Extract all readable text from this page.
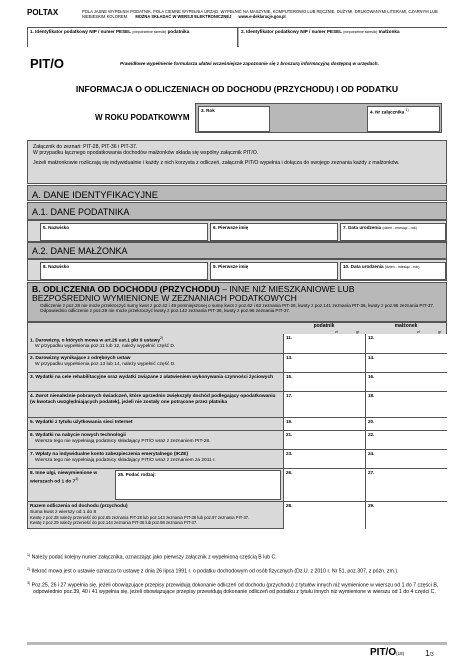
POLTAX	POLA JASNE WYPEŁNIA PODATNIK, POLA CIEMNE WYPEŁNIA URZĄD. WYPEŁNIĆ NA MASZYNIE, KOMPUTEROWO LUB RĘCZNIE, DUŻYMI, DRUKOWANYMI LITERAMI, CZARNYM LUB NIEBIESKIM KOLOREM. MOŻNA SKŁADAĆ W WERSJI ELEKTRONICZNEJ www.e-deklaracje.gov.pl
1. Identyfikator podatkowy NIP / numer PESEL (niepotrzebne skreślić) podatnika	2. Identyfikator podatkowy NIP / numer PESEL (niepotrzebne skreślić) małżonka
PIT/O	Prawidłowe wypełnienie formularza ułatwi wcześniejsze zapoznanie się z broszurą informacyjną dostępną w urzędach.
INFORMACJA O ODLICZENIACH OD DOCHODU (PRZYCHODU) I OD PODATKU
W ROKU PODATKOWYM
3. Rok	4. Nr załącznika $^{1)}$
Załącznik do zeznań: PIT-28, PIT-36 i PIT-37.
W przypadku łącznego opodatkowania dochodów małżonków składa się wspólny załącznik PIT/O.
Jeżeli małżonkowie rozliczają się indywidualnie i każdy z nich korzysta z odliczeń, załącznik PIT/O wypełnia i dołącza do swojego zeznania każdy z małżonków.
A. DANE IDENTYFIKACYJNE
A.1. DANE PODATNIKA
5. Nazwisko	6. Pierwsze imię	7. Data urodzenia (dzień - miesiąc - rok)
A.2. DANE MAŁŻONKA
8. Nazwisko	9. Pierwsze imię	10. Data urodzenia (dzień - miesiąc - rok)
B. ODLICZENIA OD DOCHODU (PRZYCHODU) – INNE NIŻ MIESZKANIOWE LUB BEZPOŚREDNIO WYMIENIONE W ZEZNANIACH PODATKOWYCH
Odliczenie z poz.28 nie może przekroczyć sumy kwot z poz.42 i 49 pomniejszonej o sumę kwot z poz.62 i 63 zeznania PIT-28, kwoty z poz.141 zeznania PIT-36, kwoty z poz.95 zeznania PIT-37. Odpowiednio odliczenie z poz.29 nie może przekroczyć kwoty z poz.142 zeznania PIT-36, kwoty z poz.96 zeznania PIT-37.
podatnik	małżonek
zł	gr	zł	gr
1. Darowizny, o których mowa w art.26 ust.1 pkt 9 ustawy$^{2)}$
W przypadku wypełnienia poz.11 lub 12, należy wypełnić część D.
11.	12.
2. Darowizny wynikające z odrębnych ustaw
W przypadku wypełnienia poz.13 lub 14, należy wypełnić część D.
13.	14.
3. Wydatki na cele rehabilitacyjne oraz wydatki związane z ułatwieniem wykonywania czynności życiowych	15.	16.
4. Zwrot nienależnie pobranych świadczeń, które uprzednio zwiększyły dochód podlegający opodatkowaniu (w kwotach uwzględniających podatek), jeżeli nie zostały one potrącone przez płatnika
17.	18.
5. Wydatki z tytułu użytkowania sieci Internet	19.	20.
6. Wydatki na nabycie nowych technologii
Wiersza tego nie wypełniają podatnicy składający PIT/O wraz z zeznaniem PIT-28.
21.	22.
7. Wpłaty na indywidualne konto zabezpieczenia emerytalnego (IKZE)
Wiersza tego nie wypełniają podatnicy składający PIT/O wraz z zeznaniem za 2011 r.
23.	24.
8. Inne ulgi, niewymienione w wierszach od 1 do 7$^{3)}$
25. Podać rodzaj:	26.	27.
Razem odliczenia od dochodu (przychodu)
Suma kwot z wierszy od 1 do 8
Kwotę z poz.28 należy przenieść do poz.65 zeznania PIT-28 lub poz.143 zeznania PIT-36 lub poz.97 zeznania PIT-37.
Kwotę z poz.29 należy przenieść do poz.144 zeznania PIT-36 lub poz.98 zeznania PIT-37.
28.	29.
$^{1)}$ Należy podać kolejny numer załącznika, oznaczając jako pierwszy załącznik z wypełnioną częścią B lub C.
$^{2)}$ Ilekroć mowa jest o ustawie oznacza to ustawę z dnia 26 lipca 1991 r. o podatku dochodowym od osób fizycznych (Dz.U. z 2010 r. Nr 51, poz.307, z późn. zm.).
$^{3)}$ Poz.25, 26 i 27 wypełnia się, jeżeli obowiązujące przepisy przewidują dokonanie odliczeń od dochodu (przychodu) z tytułów innych niż wymienione w wierszu od 1 do 7 części B, odpowiednio poz.39, 40 i 41 wypełnia się, jeżeli obowiązujące przepisy przewidują dokonanie odliczeń od podatku z tytułu innych niż wymienione w wierszu od 1 do 4 części C.
PIT/O(18)	1/3
